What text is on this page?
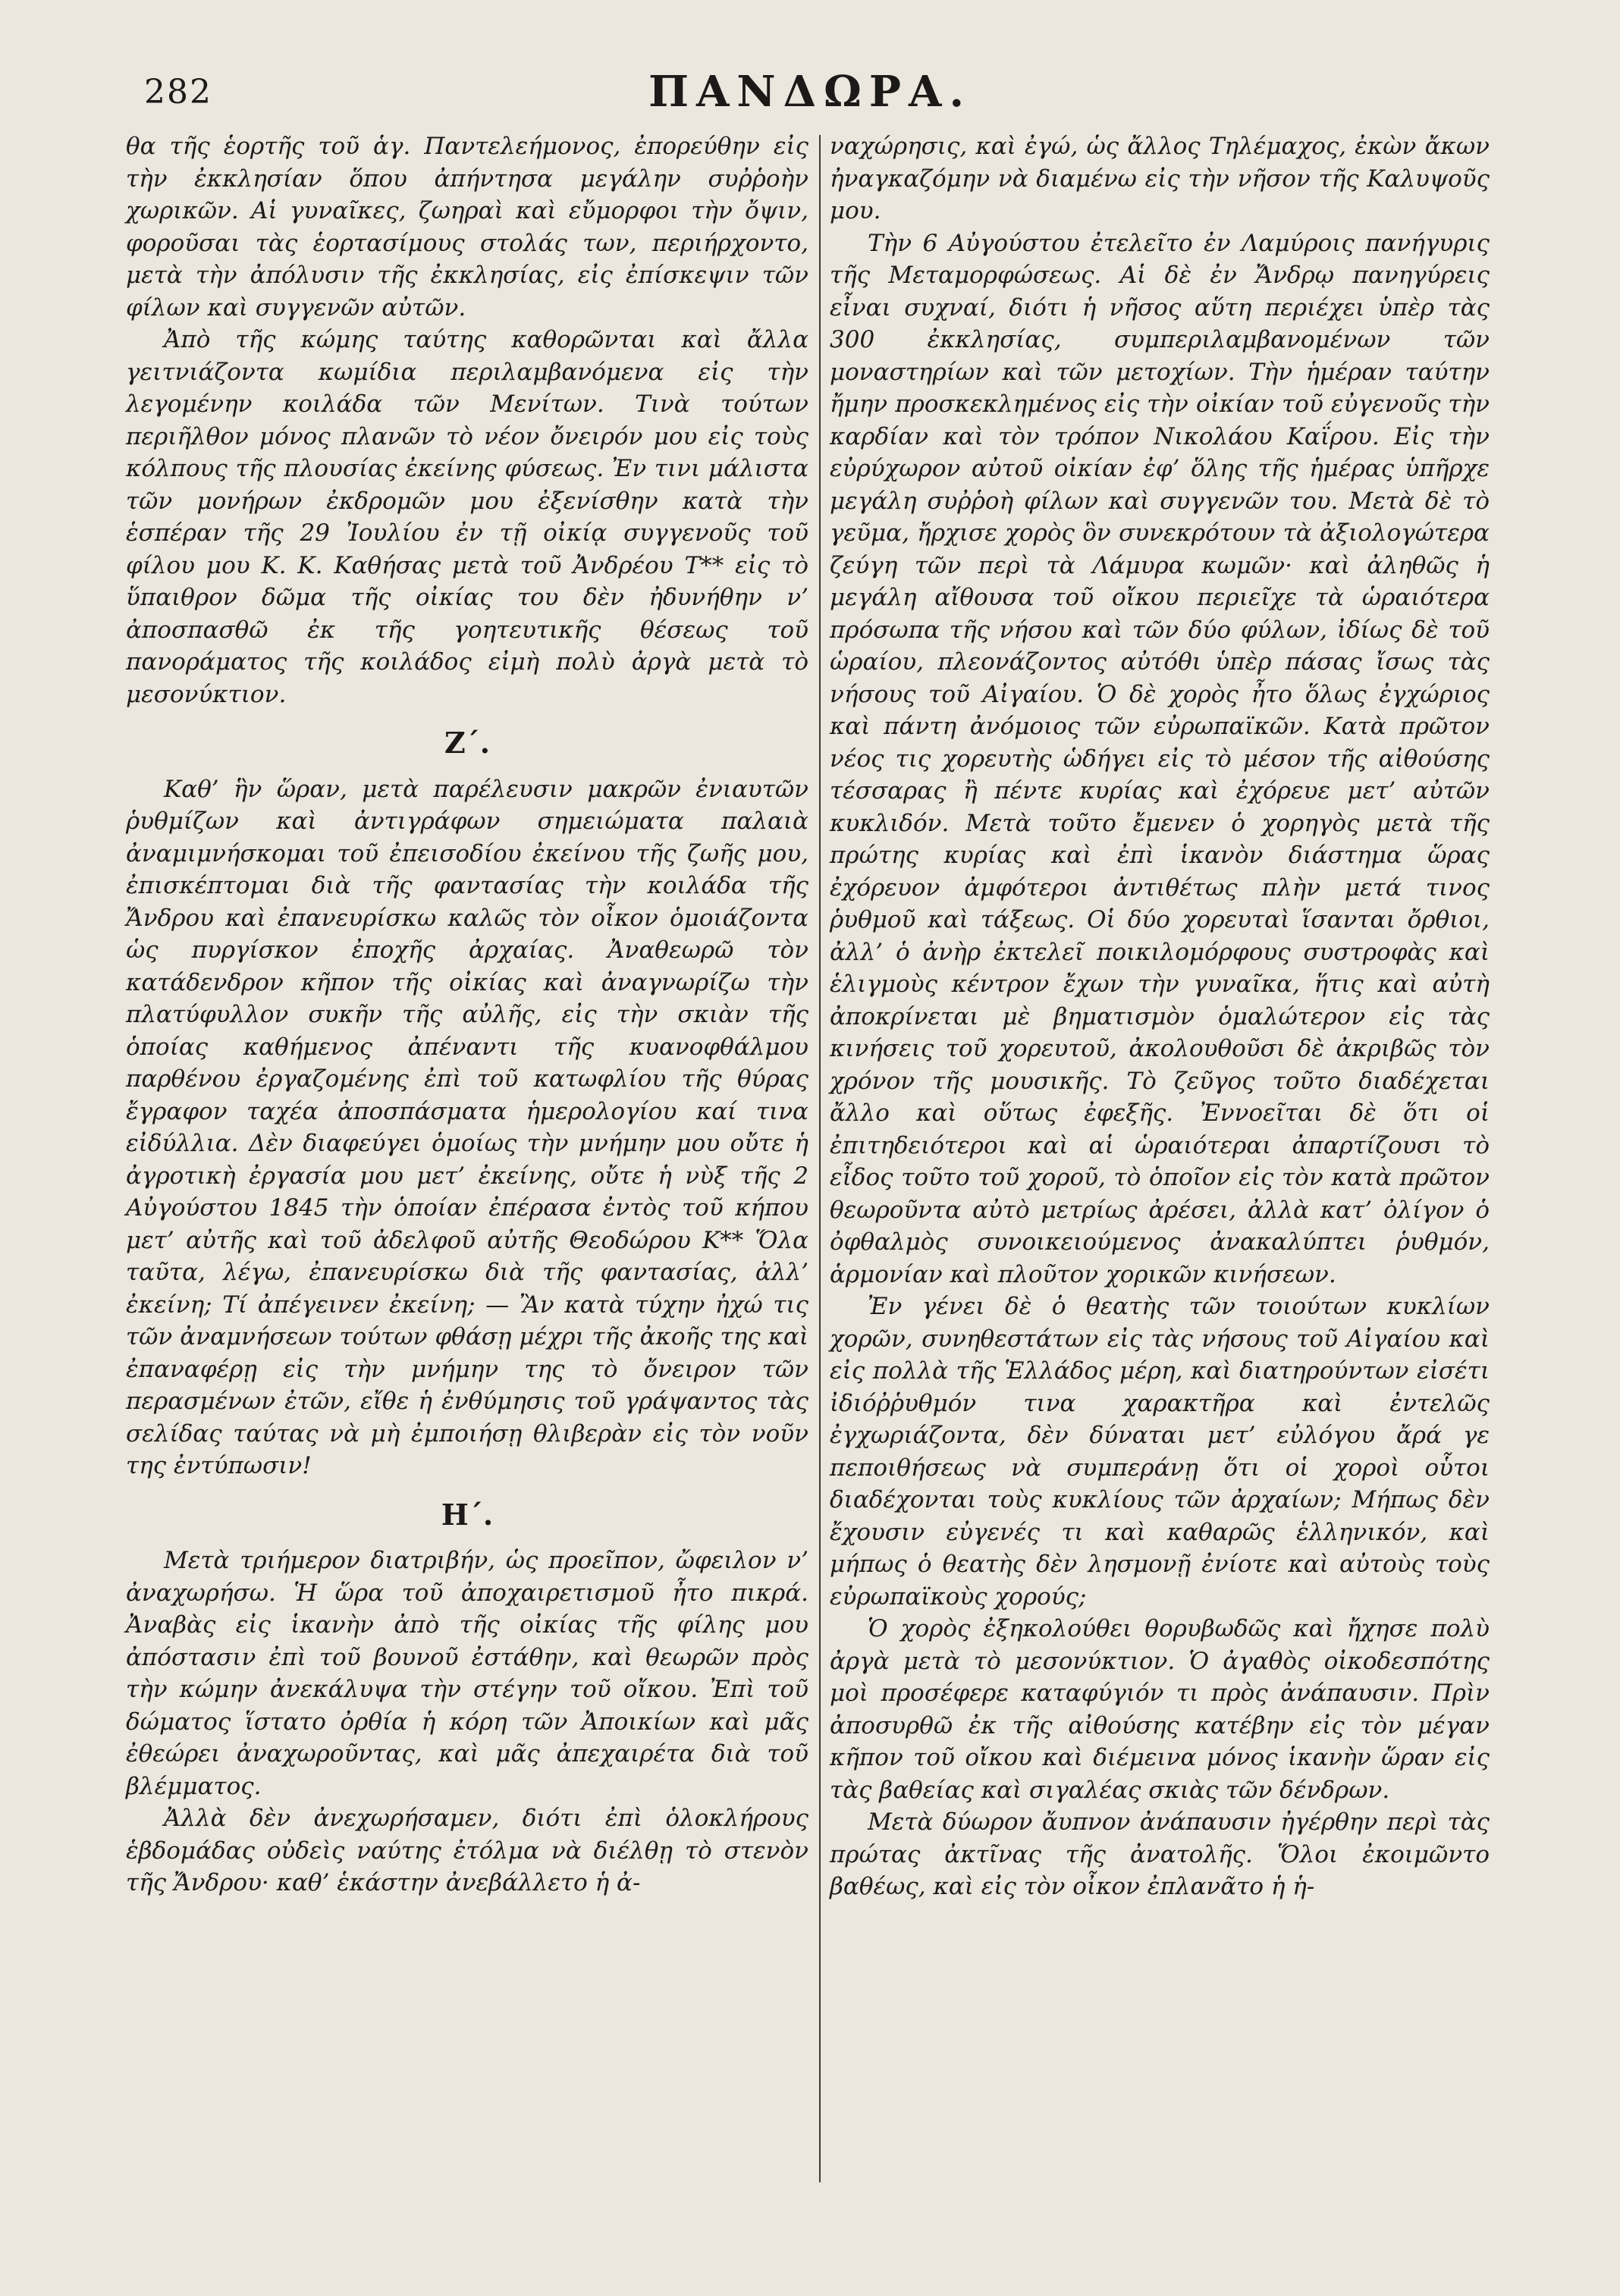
282	ΠΑΝΔΩΡΑ.

θα τῆς ἑορτῆς τοῦ ἁγ. Παντελεήμονος, ἐπορεύθην εἰς τὴν ἐκκλησίαν ὅπου ἀπήντησα μεγάλην συῤῥοὴν χωρικῶν. Αἱ γυναῖκες, ζωηραὶ καὶ εὔμορφοι τὴν ὄψιν, φοροῦσαι τὰς ἑορτασίμους στολάς των, περιήρχοντο, μετὰ τὴν ἀπόλυσιν τῆς ἐκκλησίας, εἰς ἐπίσκεψιν τῶν φίλων καὶ συγγενῶν αὐτῶν.

Ἀπὸ τῆς κώμης ταύτης καθορῶνται καὶ ἄλλα γειτνιάζοντα κωμίδια περιλαμβανόμενα εἰς τὴν λεγομένην κοιλάδα τῶν Μενίτων. Τινὰ τούτων περιῆλθον μόνος πλανῶν τὸ νέον ὄνειρόν μου εἰς τοὺς κόλπους τῆς πλουσίας ἐκείνης φύσεως. Ἐν τινι μάλιστα τῶν μονήρων ἐκδρομῶν μου ἐξενίσθην κατὰ τὴν ἑσπέραν τῆς 29 Ἰουλίου ἐν τῇ οἰκίᾳ συγγενοῦς τοῦ φίλου μου Κ. Κ. Καθήσας μετὰ τοῦ Ἀνδρέου Τ** εἰς τὸ ὕπαιθρον δῶμα τῆς οἰκίας του δὲν ἠδυνήθην ν’ ἀποσπασθῶ ἐκ τῆς γοητευτικῆς θέσεως τοῦ πανοράματος τῆς κοιλάδος εἰμὴ πολὺ ἀργὰ μετὰ τὸ μεσονύκτιον.

Ζ΄.

Καθ’ ἣν ὥραν, μετὰ παρέλευσιν μακρῶν ἐνιαυτῶν ῥυθμίζων καὶ ἀντιγράφων σημειώματα παλαιὰ ἀναμιμνήσκομαι τοῦ ἐπεισοδίου ἐκείνου τῆς ζωῆς μου, ἐπισκέπτομαι διὰ τῆς φαντασίας τὴν κοιλάδα τῆς Ἄνδρου καὶ ἐπανευρίσκω καλῶς τὸν οἶκον ὁμοιάζοντα ὡς πυργίσκον ἐποχῆς ἀρχαίας. Ἀναθεωρῶ τὸν κατάδενδρον κῆπον τῆς οἰκίας καὶ ἀναγνωρίζω τὴν πλατύφυλλον συκῆν τῆς αὐλῆς, εἰς τὴν σκιὰν τῆς ὁποίας καθήμενος ἀπέναντι τῆς κυανοφθάλμου παρθένου ἐργαζομένης ἐπὶ τοῦ κατωφλίου τῆς θύρας ἔγραφον ταχέα ἀποσπάσματα ἡμερολογίου καί τινα εἰδύλλια. Δὲν διαφεύγει ὁμοίως τὴν μνήμην μου οὔτε ἡ ἀγροτικὴ ἐργασία μου μετ’ ἐκείνης, οὔτε ἡ νὺξ τῆς 2 Αὐγούστου 1845 τὴν ὁποίαν ἐπέρασα ἐντὸς τοῦ κήπου μετ’ αὐτῆς καὶ τοῦ ἀδελφοῦ αὐτῆς Θεοδώρου Κ** Ὅλα ταῦτα, λέγω, ἐπανευρίσκω διὰ τῆς φαντασίας, ἀλλ’ ἐκείνη; Τί ἀπέγεινεν ἐκείνη; — Ἂν κατὰ τύχην ἠχώ τις τῶν ἀναμνήσεων τούτων φθάσῃ μέχρι τῆς ἀκοῆς της καὶ ἐπαναφέρῃ εἰς τὴν μνήμην της τὸ ὄνειρον τῶν περασμένων ἐτῶν, εἴθε ἡ ἐνθύμησις τοῦ γράψαντος τὰς σελίδας ταύτας νὰ μὴ ἐμποιήσῃ θλιβερὰν εἰς τὸν νοῦν της ἐντύπωσιν!

Η΄.

Μετὰ τριήμερον διατριβήν, ὡς προεῖπον, ὤφειλον ν’ ἀναχωρήσω. Ἡ ὥρα τοῦ ἀποχαιρετισμοῦ ἦτο πικρά. Ἀναβὰς εἰς ἱκανὴν ἀπὸ τῆς οἰκίας τῆς φίλης μου ἀπόστασιν ἐπὶ τοῦ βουνοῦ ἐστάθην, καὶ θεωρῶν πρὸς τὴν κώμην ἀνεκάλυψα τὴν στέγην τοῦ οἴκου. Ἐπὶ τοῦ δώματος ἵστατο ὀρθία ἡ κόρη τῶν Ἀποικίων καὶ μᾶς ἐθεώρει ἀναχωροῦντας, καὶ μᾶς ἀπεχαιρέτα διὰ τοῦ βλέμματος.

Ἀλλὰ δὲν ἀνεχωρήσαμεν, διότι ἐπὶ ὁλοκλήρους ἑβδομάδας οὐδεὶς ναύτης ἐτόλμα νὰ διέλθῃ τὸ στενὸν τῆς Ἄνδρου· καθ’ ἑκάστην ἀνεβάλλετο ἡ ἀ-

ναχώρησις, καὶ ἐγώ, ὡς ἄλλος Τηλέμαχος, ἐκὼν ἄκων ἠναγκαζόμην νὰ διαμένω εἰς τὴν νῆσον τῆς Καλυψοῦς μου.

Τὴν 6 Αὐγούστου ἐτελεῖτο ἐν Λαμύροις πανήγυρις τῆς Μεταμορφώσεως. Αἱ δὲ ἐν Ἄνδρῳ πανηγύρεις εἶναι συχναί, διότι ἡ νῆσος αὕτη περιέχει ὑπὲρ τὰς 300 ἐκκλησίας, συμπεριλαμβανομένων τῶν μοναστηρίων καὶ τῶν μετοχίων. Τὴν ἡμέραν ταύτην ἤμην προσκεκλημένος εἰς τὴν οἰκίαν τοῦ εὐγενοῦς τὴν καρδίαν καὶ τὸν τρόπον Νικολάου Καΐρου. Εἰς τὴν εὐρύχωρον αὐτοῦ οἰκίαν ἐφ’ ὅλης τῆς ἡμέρας ὑπῆρχε μεγάλη συῤῥοὴ φίλων καὶ συγγενῶν του. Μετὰ δὲ τὸ γεῦμα, ἤρχισε χορὸς ὃν συνεκρότουν τὰ ἀξιολογώτερα ζεύγη τῶν περὶ τὰ Λάμυρα κωμῶν· καὶ ἀληθῶς ἡ μεγάλη αἴθουσα τοῦ οἴκου περιεῖχε τὰ ὡραιότερα πρόσωπα τῆς νήσου καὶ τῶν δύο φύλων, ἰδίως δὲ τοῦ ὡραίου, πλεονάζοντος αὐτόθι ὑπὲρ πάσας ἴσως τὰς νήσους τοῦ Αἰγαίου. Ὁ δὲ χορὸς ἦτο ὅλως ἐγχώριος καὶ πάντη ἀνόμοιος τῶν εὐρωπαϊκῶν. Κατὰ πρῶτον νέος τις χορευτὴς ὡδήγει εἰς τὸ μέσον τῆς αἰθούσης τέσσαρας ἢ πέντε κυρίας καὶ ἐχόρευε μετ’ αὐτῶν κυκλιδόν. Μετὰ τοῦτο ἔμενεν ὁ χορηγὸς μετὰ τῆς πρώτης κυρίας καὶ ἐπὶ ἱκανὸν διάστημα ὥρας ἐχόρευον ἀμφότεροι ἀντιθέτως πλὴν μετά τινος ῥυθμοῦ καὶ τάξεως. Οἱ δύο χορευταὶ ἵσανται ὄρθιοι, ἀλλ’ ὁ ἀνὴρ ἐκτελεῖ ποικιλομόρφους συστροφὰς καὶ ἑλιγμοὺς κέντρον ἔχων τὴν γυναῖκα, ἥτις καὶ αὐτὴ ἀποκρίνεται μὲ βηματισμὸν ὁμαλώτερον εἰς τὰς κινήσεις τοῦ χορευτοῦ, ἀκολουθοῦσι δὲ ἀκριβῶς τὸν χρόνον τῆς μουσικῆς. Τὸ ζεῦγος τοῦτο διαδέχεται ἄλλο καὶ οὕτως ἐφεξῆς. Ἐννοεῖται δὲ ὅτι οἱ ἐπιτηδειότεροι καὶ αἱ ὡραιότεραι ἀπαρτίζουσι τὸ εἶδος τοῦτο τοῦ χοροῦ, τὸ ὁποῖον εἰς τὸν κατὰ πρῶτον θεωροῦντα αὐτὸ μετρίως ἀρέσει, ἀλλὰ κατ’ ὀλίγον ὁ ὀφθαλμὸς συνοικειούμενος ἀνακαλύπτει ῥυθμόν, ἁρμονίαν καὶ πλοῦτον χορικῶν κινήσεων.

Ἐν γένει δὲ ὁ θεατὴς τῶν τοιούτων κυκλίων χορῶν, συνηθεστάτων εἰς τὰς νήσους τοῦ Αἰγαίου καὶ εἰς πολλὰ τῆς Ἑλλάδος μέρη, καὶ διατηρούντων εἰσέτι ἰδιόῤῥυθμόν τινα χαρακτῆρα καὶ ἐντελῶς ἐγχωριάζοντα, δὲν δύναται μετ’ εὐλόγου ἄρά γε πεποιθήσεως νὰ συμπεράνῃ ὅτι οἱ χοροὶ οὗτοι διαδέχονται τοὺς κυκλίους τῶν ἀρχαίων; Μήπως δὲν ἔχουσιν εὐγενές τι καὶ καθαρῶς ἑλληνικόν, καὶ μήπως ὁ θεατὴς δὲν λησμονῇ ἐνίοτε καὶ αὐτοὺς τοὺς εὐρωπαϊκοὺς χορούς;

Ὁ χορὸς ἐξηκολούθει θορυβωδῶς καὶ ἤχησε πολὺ ἀργὰ μετὰ τὸ μεσονύκτιον. Ὁ ἀγαθὸς οἰκοδεσπότης μοὶ προσέφερε καταφύγιόν τι πρὸς ἀνάπαυσιν. Πρὶν ἀποσυρθῶ ἐκ τῆς αἰθούσης κατέβην εἰς τὸν μέγαν κῆπον τοῦ οἴκου καὶ διέμεινα μόνος ἱκανὴν ὥραν εἰς τὰς βαθείας καὶ σιγαλέας σκιὰς τῶν δένδρων.

Μετὰ δύωρον ἄυπνον ἀνάπαυσιν ἠγέρθην περὶ τὰς πρώτας ἀκτῖνας τῆς ἀνατολῆς. Ὅλοι ἐκοιμῶντο βαθέως, καὶ εἰς τὸν οἶκον ἐπλανᾶτο ἡ ἡ-
